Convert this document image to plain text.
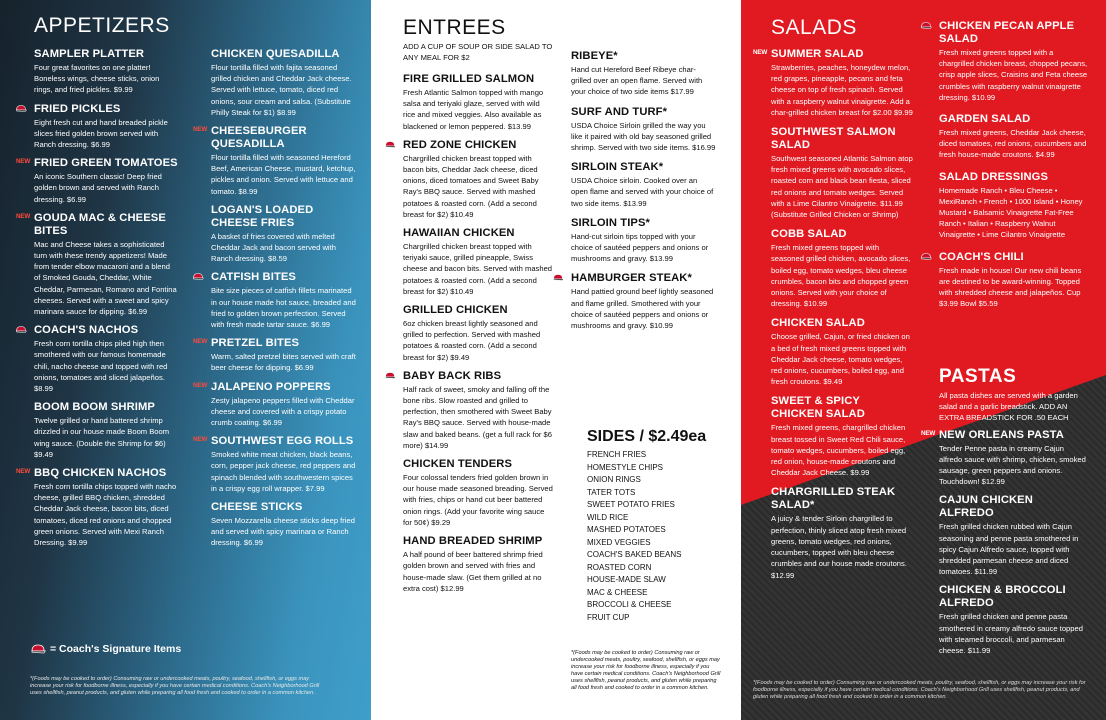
APPETIZERS
SAMPLER PLATTER
Four great favorites on one platter! Boneless wings, cheese sticks, onion rings, and fried pickles. $9.99
FRIED PICKLES
Eight fresh cut and hand breaded pickle slices fried golden brown served with Ranch dressing. $6.99
NEW FRIED GREEN TOMATOES
An iconic Southern classic! Deep fried golden brown and served with Ranch dressing. $6.99
NEW GOUDA MAC & CHEESE BITES
Mac and Cheese takes a sophisticated turn with these trendy appetizers! Made from tender elbow macaroni and a blend of Smoked Gouda, Cheddar, White Cheddar, Parmesan, Romano and Fontina cheeses. Served with a sweet and spicy marinara sauce for dipping. $6.99
COACH'S NACHOS
Fresh corn tortilla chips piled high then smothered with our famous homemade chili, nacho cheese and topped with red onions, tomatoes and sliced jalapeños. $8.99
BOOM BOOM SHRIMP
Twelve grilled or hand battered shrimp drizzled in our house made Boom Boom wing sauce. (Double the Shrimp for $6) $9.49
NEW BBQ CHICKEN NACHOS
Fresh corn tortilla chips topped with nacho cheese, grilled BBQ chicken, shredded Cheddar Jack cheese, bacon bits, diced tomatoes, diced red onions and chopped green onions. Served with Mexi Ranch Dressing. $9.99
CHICKEN QUESADILLA
Flour tortilla filled with fajita seasoned grilled chicken and Cheddar Jack cheese. Served with lettuce, tomato, diced red onions, sour cream and salsa. (Substitute Philly Steak for $1) $8.99
NEW CHEESEBURGER QUESADILLA
Flour tortilla filled with seasoned Hereford Beef, American Cheese, mustard, ketchup, pickles and onion. Served with lettuce and tomato. $8.99
LOGAN'S LOADED CHEESE FRIES
A basket of fries covered with melted Cheddar Jack and bacon served with Ranch dressing. $8.59
CATFISH BITES
Bite size pieces of catfish fillets marinated in our house made hot sauce, breaded and fried to golden brown perfection. Served with fresh made tartar sauce. $6.99
NEW PRETZEL BITES
Warm, salted pretzel bites served with craft beer cheese for dipping. $6.99
NEW JALAPENO POPPERS
Zesty jalapeno peppers filled with Cheddar cheese and covered with a crispy potato crumb coating. $6.99
NEW SOUTHWEST EGG ROLLS
Smoked white meat chicken, black beans, corn, pepper jack cheese, red peppers and spinach blended with southwestern spices in a crispy egg roll wrapper. $7.99
CHEESE STICKS
Seven Mozzarella cheese sticks deep fried and served with spicy marinara or Ranch dressing. $6.99
= Coach's Signature Items
*(Foods may be cooked to order) Consuming raw or undercooked meats, poultry, seafood, shellfish, or eggs may increase your risk for foodborne illness, especially if you have certain medical conditions. Coach's Neighborhood Grill uses shellfish, peanut products, and gluten while preparing all food fresh and cooked to order in a common kitchen.
ENTREES
ADD A CUP OF SOUP OR SIDE SALAD TO ANY MEAL FOR $2
FIRE GRILLED SALMON
Fresh Atlantic Salmon topped with mango salsa and teriyaki glaze, served with wild rice and mixed veggies. Also available as blackened or lemon peppered. $13.99
RED ZONE CHICKEN
Chargrilled chicken breast topped with bacon bits, Cheddar Jack cheese, diced onions, diced tomatoes and Sweet Baby Ray's BBQ sauce. Served with mashed potatoes & roasted corn. (Add a second breast for $2) $10.49
HAWAIIAN CHICKEN
Chargrilled chicken breast topped with teriyaki sauce, grilled pineapple, Swiss cheese and bacon bits. Served with mashed potatoes & roasted corn. (Add a second breast for $2) $10.49
GRILLED CHICKEN
6oz chicken breast lightly seasoned and grilled to perfection. Served with mashed potatoes & roasted corn. (Add a second breast for $2) $9.49
BABY BACK RIBS
Half rack of sweet, smoky and falling off the bone ribs. Slow roasted and grilled to perfection, then smothered with Sweet Baby Ray's BBQ sauce. Served with house-made slaw and baked beans. (get a full rack for $6 more) $14.99
CHICKEN TENDERS
Four colossal tenders fried golden brown in our house made seasoned breading. Served with fries, chips or hand cut beer battered onion rings. (Add your favorite wing sauce for 50¢) $9.29
HAND BREADED SHRIMP
A half pound of beer battered shrimp fried golden brown and served with fries and house-made slaw. (Get them grilled at no extra cost) $12.99
RIBEYE*
Hand cut Hereford Beef Ribeye char-grilled over an open flame. Served with your choice of two side items $17.99
SURF AND TURF*
USDA Choice Sirloin grilled the way you like it paired with old bay seasoned grilled shrimp. Served with two side items. $16.99
SIRLOIN STEAK*
USDA Choice sirloin. Cooked over an open flame and served with your choice of two side items. $13.99
SIRLOIN TIPS*
Hand-cut sirloin tips topped with your choice of sautéed peppers and onions or mushrooms and gravy. $13.99
HAMBURGER STEAK*
Hand pattied ground beef lightly seasoned and flame grilled. Smothered with your choice of sautéed peppers and onions or mushrooms and gravy. $10.99
SIDES / $2.49ea
FRENCH FRIES
HOMESTYLE CHIPS
ONION RINGS
TATER TOTS
SWEET POTATO FRIES
WILD RICE
MASHED POTATOES
MIXED VEGGIES
COACH'S BAKED BEANS
ROASTED CORN
HOUSE-MADE SLAW
MAC & CHEESE
BROCCOLI & CHEESE
FRUIT CUP
*(Foods may be cooked to order) Consuming raw or undercooked meats, poultry, seafood, shellfish, or eggs may increase your risk for foodborne illness, especially if you have certain medical conditions. Coach's Neighborhood Grill uses shellfish, peanut products, and gluten while preparing all food fresh and cooked to order in a common kitchen.
SALADS
NEW SUMMER SALAD
Strawberries, peaches, honeydew melon, red grapes, pineapple, pecans and feta cheese on top of fresh spinach. Served with a raspberry walnut vinaigrette. Add a char-grilled chicken breast for $2.00 $9.99
SOUTHWEST SALMON SALAD
Southwest seasoned Atlantic Salmon atop fresh mixed greens with avocado slices, roasted corn and black bean fiesta, sliced red onions and tomato wedges. Served with a Lime Cilantro Vinaigrette. $11.99 (Substitute Grilled Chicken or Shrimp)
COBB SALAD
Fresh mixed greens topped with seasoned grilled chicken, avocado slices, boiled egg, tomato wedges, bleu cheese crumbles, bacon bits and chopped green onions. Served with your choice of dressing. $10.99
CHICKEN SALAD
Choose grilled, Cajun, or fried chicken on a bed of fresh mixed greens topped with Cheddar Jack cheese, tomato wedges, red onions, cucumbers, boiled egg, and fresh croutons. $9.49
SWEET & SPICY CHICKEN SALAD
Fresh mixed greens, chargrilled chicken breast tossed in Sweet Red Chili sauce, tomato wedges, cucumbers, boiled egg, red onion, house-made croutons and Cheddar Jack Cheese. $9.99
CHARGRILLED STEAK SALAD*
A juicy & tender Sirloin chargrilled to perfection, thinly sliced atop fresh mixed greens, tomato wedges, red onions, cucumbers, topped with bleu cheese crumbles and our house made croutons. $12.99
CHICKEN PECAN APPLE SALAD
Fresh mixed greens topped with a chargrilled chicken breast, chopped pecans, crisp apple slices, Craisins and Feta cheese crumbles with raspberry walnut vinaigrette dressing. $10.99
GARDEN SALAD
Fresh mixed greens, Cheddar Jack cheese, diced tomatoes, red onions, cucumbers and fresh house-made croutons. $4.99
SALAD DRESSINGS
Homemade Ranch • Bleu Cheese • MexiRanch • French • 1000 Island • Honey Mustard • Balsamic Vinaigrette Fat-Free Ranch • Italian • Raspberry Walnut Vinaigrette • Lime Cilantro Vinaigrette
COACH'S CHILI
Fresh made in house! Our new chili beans are destined to be award-winning. Topped with shredded cheese and jalapeños. Cup $3.99 Bowl $5.59
PASTAS
All pasta dishes are served with a garden salad and a garlic breadstick. ADD AN EXTRA BREADSTICK FOR .50 EACH
NEW NEW ORLEANS PASTA
Tender Penne pasta in creamy Cajun alfredo sauce with shrimp, chicken, smoked sausage, green peppers and onions. Touchdown! $12.99
CAJUN CHICKEN ALFREDO
Fresh grilled chicken rubbed with Cajun seasoning and penne pasta smothered in spicy Cajun Alfredo sauce, topped with shredded parmesan cheese and diced tomatoes. $11.99
CHICKEN & BROCCOLI ALFREDO
Fresh grilled chicken and penne pasta smothered in creamy alfredo sauce topped with steamed broccoli, and parmesan cheese. $11.99
*(Foods may be cooked to order) Consuming raw or undercooked meats, poultry, seafood, shellfish, or eggs may increase your risk for foodborne illness, especially if you have certain medical conditions. Coach's Neighborhood Grill uses shellfish, peanut products, and gluten while preparing all food fresh and cooked to order in a common kitchen.
